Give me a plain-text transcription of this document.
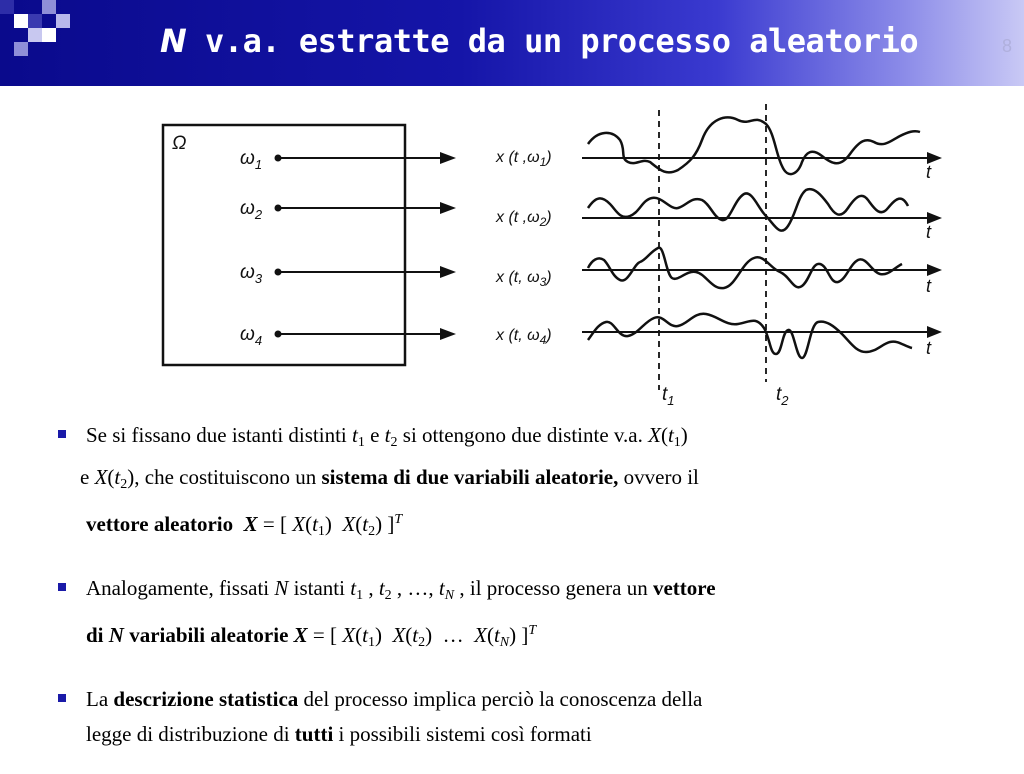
N v.a. estratte da un processo aleatorio	8
Ω
$\omega_1$
$\omega_2$
$\omega_3$
$\omega_4$
x (t $,\omega_1$)
x (t $,\omega_2$)
x (t, $\omega_3$)
x (t, $\omega_4$)
t
t
t
t
$t_1$	$t_2$
Se si fissano due istanti distinti $t_1$ e $t_2$ si ottengono due distinte v.a. $X(t_1)$
e $X(t_2)$, che costituiscono un sistema di due variabili aleatorie, ovvero il
vettore aleatorio X = [ $X(t_1)$  $X(t_2)$ ]$^T$
Analogamente, fissati N istanti $t_1$ , $t_2$ , …, $t_N$ , il processo genera un vettore
di N variabili aleatorie X = [ $X(t_1)$  $X(t_2)$  … $X(t_N)$ ]$^T$
La descrizione statistica del processo implica perciò la conoscenza della
legge di distribuzione di tutti i possibili sistemi così formati
